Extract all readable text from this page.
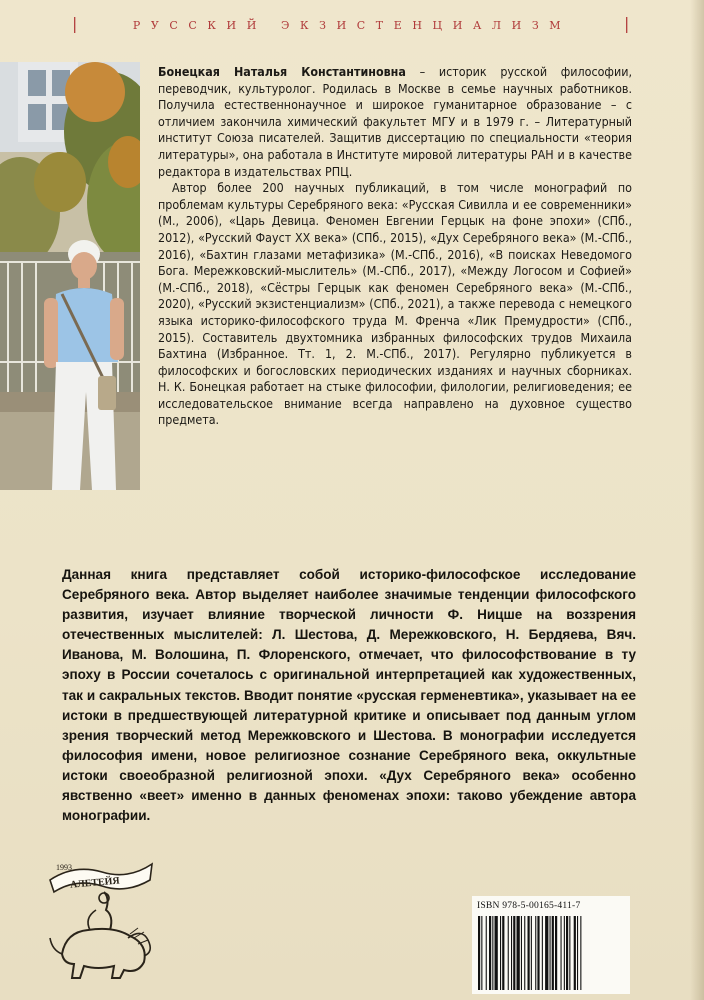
|	РУССКИЙ ЭКЗИСТЕНЦИАЛИЗМ	|

Бонецкая Наталья Константиновна – историк русской философии, переводчик, культуролог. Родилась в Москве в семье научных работников. Получила естественнонаучное и широкое гуманитарное образование – с отличием закончила химический факультет МГУ и в 1979 г. – Литературный институт Союза писателей. Защитив диссертацию по специальности «теория литературы», она работала в Институте мировой литературы РАН и в качестве редактора в издательствах РПЦ.

Автор более 200 научных публикаций, в том числе монографий по проблемам культуры Серебряного века: «Русская Сивилла и ее современники» (М., 2006), «Царь Девица. Феномен Евгении Герцык на фоне эпохи» (СПб., 2012), «Русский Фауст XX века» (СПб., 2015), «Дух Серебряного века» (М.-СПб., 2016), «Бахтин глазами метафизика» (М.-СПб., 2016), «В поисках Неведомого Бога. Мережковский-мыслитель» (М.-СПб., 2017), «Между Логосом и Софией» (М.-СПб., 2018), «Сёстры Герцык как феномен Серебряного века» (М.-СПб., 2020), «Русский экзистенциализм» (СПб., 2021), а также перевода с немецкого языка историко-философского труда М. Френча «Лик Премудрости» (СПб., 2015). Составитель двухтомника избранных философских трудов Михаила Бахтина (Избранное. Тт. 1, 2. М.-СПб., 2017). Регулярно публикуется в философских и богословских периодических изданиях и научных сборниках. Н. К. Бонецкая работает на стыке философии, филологии, религиоведения; ее исследовательское внимание всегда направлено на духовное существо предмета.

Данная книга представляет собой историко-философское исследование Серебряного века. Автор выделяет наиболее значимые тенденции философского развития, изучает влияние творческой личности Ф. Ницше на воззрения отечественных мыслителей: Л. Шестова, Д. Мережковского, Н. Бердяева, Вяч. Иванова, М. Волошина, П. Флоренского, отмечает, что философствование в ту эпоху в России сочеталось с оригинальной интерпретацией как художественных, так и сакральных текстов. Вводит понятие «русская герменевтика», указывает на ее истоки в предшествующей литературной критике и описывает под данным углом зрения творческий метод Мережковского и Шестова. В монографии исследуется философия имени, новое религиозное сознание Серебряного века, оккультные истоки своеобразной религиозной эпохи. «Дух Серебряного века» особенно явственно «веет» именно в данных феноменах эпохи: таково убеждение автора монографии.

1993
АЛЕТЕЙЯ
ISBN 978-5-00165-411-7
